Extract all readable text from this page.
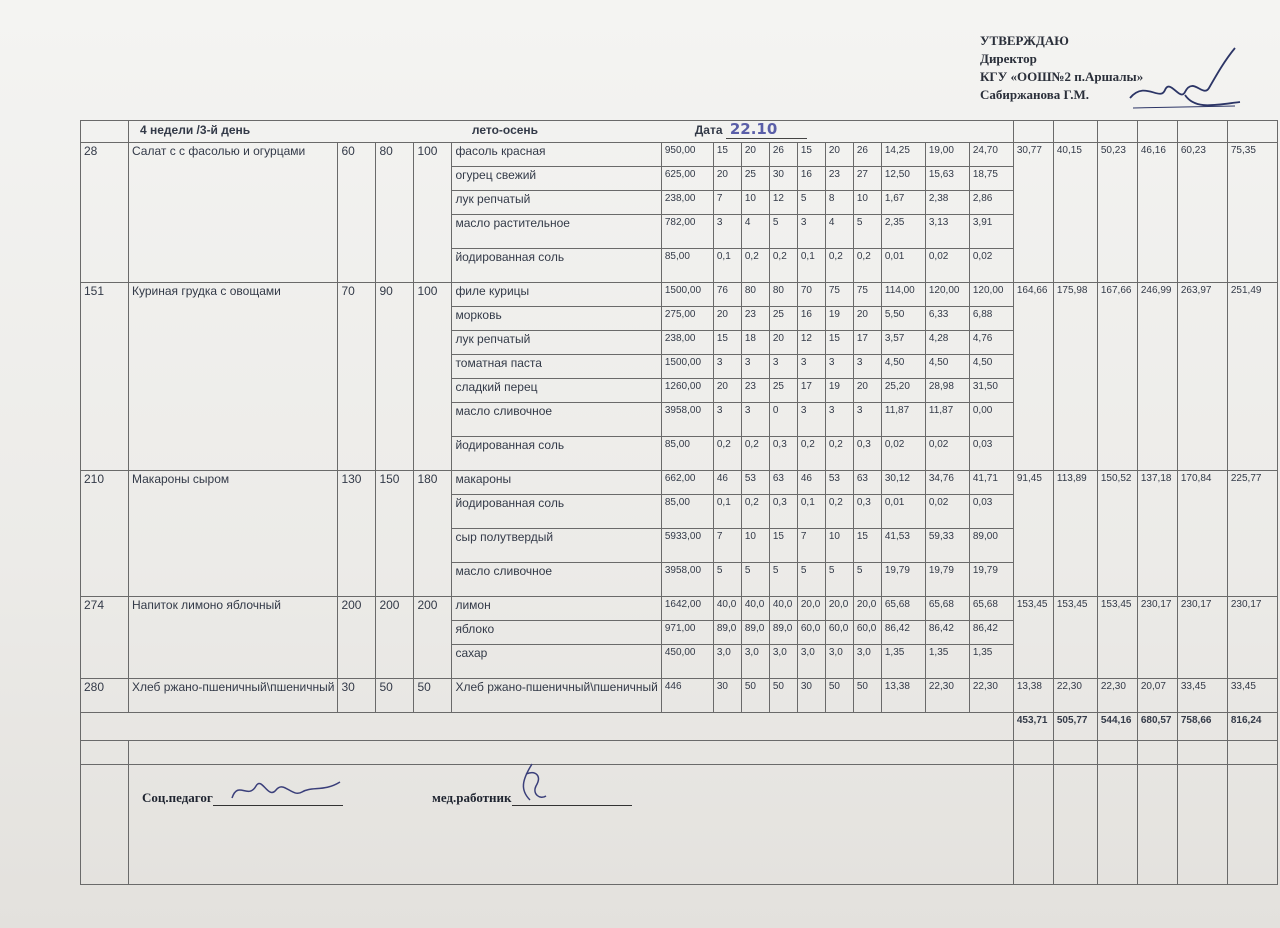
УТВЕРЖДАЮ
Директор
КГУ «ООШ№2 п.Аршалы»
Сабиржанова Г.М.
	4 недели /3-й день лето-осень Дата 22.10																				
28	Салат с с фасолью и огурцами	60	80	100	фасоль красная	950,00	15	20	26	15	20	26	14,25	19,00	24,70	30,77	40,15	50,23	46,16	60,23	75,35
					огурец свежий	625,00	20	25	30	16	23	27	12,50	15,63	18,75						
					лук репчатый	238,00	7	10	12	5	8	10	1,67	2,38	2,86						
					масло растительное	782,00	3	4	5	3	4	5	2,35	3,13	3,91						
					йодированная соль	85,00	0,1	0,2	0,2	0,1	0,2	0,2	0,01	0,02	0,02						
151	Куриная грудка с овощами	70	90	100	филе курицы	1500,00	76	80	80	70	75	75	114,00	120,00	120,00	164,66	175,98	167,66	246,99	263,97	251,49
					морковь	275,00	20	23	25	16	19	20	5,50	6,33	6,88						
					лук репчатый	238,00	15	18	20	12	15	17	3,57	4,28	4,76						
					томатная паста	1500,00	3	3	3	3	3	3	4,50	4,50	4,50						
					сладкий перец	1260,00	20	23	25	17	19	20	25,20	28,98	31,50						
					масло сливочное	3958,00	3	3	0	3	3	3	11,87	11,87	0,00						
					йодированная соль	85,00	0,2	0,2	0,3	0,2	0,2	0,3	0,02	0,02	0,03						
210	Макароны сыром	130	150	180	макароны	662,00	46	53	63	46	53	63	30,12	34,76	41,71	91,45	113,89	150,52	137,18	170,84	225,77
					йодированная соль	85,00	0,1	0,2	0,3	0,1	0,2	0,3	0,01	0,02	0,03						
					сыр полутвердый	5933,00	7	10	15	7	10	15	41,53	59,33	89,00						
					масло сливочное	3958,00	5	5	5	5	5	5	19,79	19,79	19,79						
274	Напиток лимоно яблочный	200	200	200	лимон	1642,00	40,0	40,0	40,0	20,0	20,0	20,0	65,68	65,68	65,68	153,45	153,45	153,45	230,17	230,17	230,17
					яблоко	971,00	89,0	89,0	89,0	60,0	60,0	60,0	86,42	86,42	86,42						
					сахар	450,00	3,0	3,0	3,0	3,0	3,0	3,0	1,35	1,35	1,35						
280	Хлеб ржано-пшеничный\пшеничный	30	50	50	Хлеб ржано-пшеничный\пшеничный	446	30	50	50	30	50	50	13,38	22,30	22,30	13,38	22,30	22,30	20,07	33,45	33,45
																453,71	505,77	544,16	680,57	758,66	816,24

Соц.педагог	мед.работник
